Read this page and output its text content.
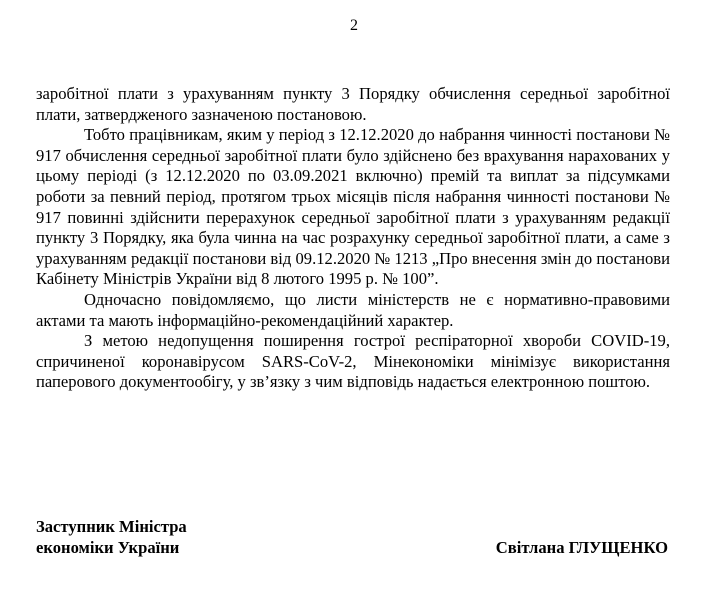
2

заробітної плати з урахуванням пункту 3 Порядку обчислення середньої заробітної плати, затвердженого зазначеною постановою.

Тобто працівникам, яким у період з 12.12.2020 до набрання чинності постанови № 917 обчислення середньої заробітної плати було здійснено без врахування нарахованих у цьому періоді (з 12.12.2020 по 03.09.2021 включно) премій та виплат за підсумками роботи за певний період, протягом трьох місяців після набрання чинності постанови № 917 повинні здійснити перерахунок середньої заробітної плати з урахуванням редакції пункту 3 Порядку, яка була чинна на час розрахунку середньої заробітної плати, а саме з урахуванням редакції постанови від 09.12.2020 № 1213 „Про внесення змін до постанови Кабінету Міністрів України від 8 лютого 1995 р. № 100”.

Одночасно повідомляємо, що листи міністерств не є нормативно-правовими актами та мають інформаційно-рекомендаційний характер.

З метою недопущення поширення гострої респіраторної хвороби COVID-19, спричиненої коронавірусом SARS-CoV-2, Мінекономіки мінімізує використання паперового документообігу, у зв’язку з чим відповідь надається електронною поштою.

Заступник Міністра
економіки України	Світлана ГЛУЩЕНКО
